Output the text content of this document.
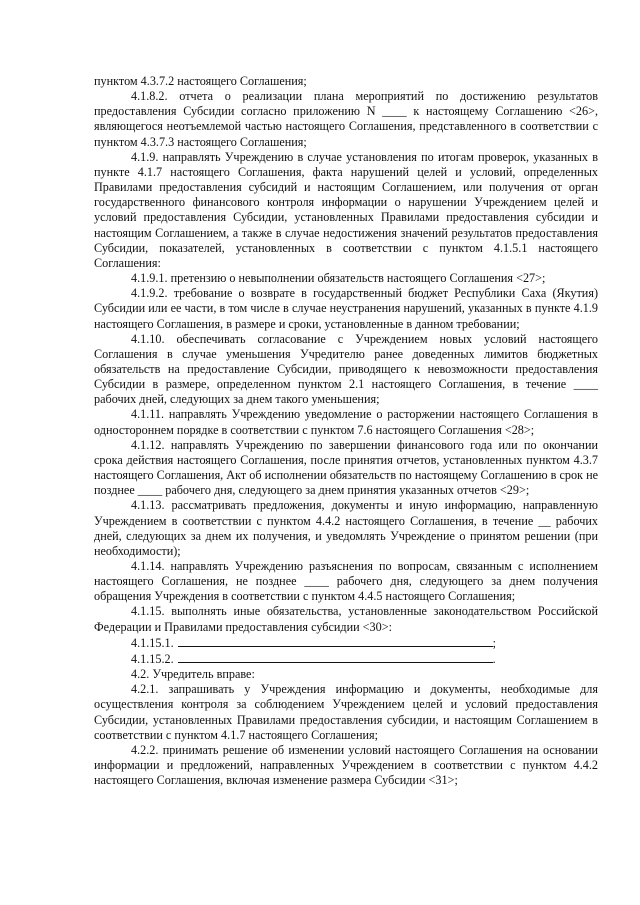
пунктом 4.3.7.2 настоящего Соглашения;

4.1.8.2. отчета о реализации плана мероприятий по достижению результатов предоставления Субсидии согласно приложению N ____ к настоящему Соглашению <26>, являющегося неотъемлемой частью настоящего Соглашения, представленного в соответствии с пунктом 4.3.7.3 настоящего Соглашения;

4.1.9. направлять Учреждению в случае установления по итогам проверок, указанных в пункте 4.1.7 настоящего Соглашения, факта нарушений целей и условий, определенных Правилами предоставления субсидий и настоящим Соглашением, или получения от орган государственного финансового контроля информации о нарушении Учреждением целей и условий предоставления Субсидии, установленных Правилами предоставления субсидии и настоящим Соглашением, а также в случае недостижения значений результатов предоставления Субсидии, показателей, установленных в соответствии с пунктом 4.1.5.1 настоящего Соглашения:

4.1.9.1. претензию о невыполнении обязательств настоящего Соглашения <27>;

4.1.9.2. требование о возврате в государственный бюджет Республики Саха (Якутия) Субсидии или ее части, в том числе в случае неустранения нарушений, указанных в пункте 4.1.9 настоящего Соглашения, в размере и сроки, установленные в данном требовании;

4.1.10. обеспечивать согласование с Учреждением новых условий настоящего Соглашения в случае уменьшения Учредителю ранее доведенных лимитов бюджетных обязательств на предоставление Субсидии, приводящего к невозможности предоставления Субсидии в размере, определенном пунктом 2.1 настоящего Соглашения, в течение ____ рабочих дней, следующих за днем такого уменьшения;

4.1.11. направлять Учреждению уведомление о расторжении настоящего Соглашения в одностороннем порядке в соответствии с пунктом 7.6 настоящего Соглашения <28>;

4.1.12. направлять Учреждению по завершении финансового года или по окончании срока действия настоящего Соглашения, после принятия отчетов, установленных пунктом 4.3.7 настоящего Соглашения, Акт об исполнении обязательств по настоящему Соглашению в срок не позднее ____ рабочего дня, следующего за днем принятия указанных отчетов <29>;

4.1.13. рассматривать предложения, документы и иную информацию, направленную Учреждением в соответствии с пунктом 4.4.2 настоящего Соглашения, в течение __ рабочих дней, следующих за днем их получения, и уведомлять Учреждение о принятом решении (при необходимости);

4.1.14. направлять Учреждению разъяснения по вопросам, связанным с исполнением настоящего Соглашения, не позднее ____ рабочего дня, следующего за днем получения обращения Учреждения в соответствии с пунктом 4.4.5 настоящего Соглашения;

4.1.15. выполнять иные обязательства, установленные законодательством Российской Федерации и Правилами предоставления субсидии <30>:

4.1.15.1.	;

4.1.15.2.	.

4.2. Учредитель вправе:

4.2.1. запрашивать у Учреждения информацию и документы, необходимые для осуществления контроля за соблюдением Учреждением целей и условий предоставления Субсидии, установленных Правилами предоставления субсидии, и настоящим Соглашением в соответствии с пунктом 4.1.7 настоящего Соглашения;

4.2.2. принимать решение об изменении условий настоящего Соглашения на основании информации и предложений, направленных Учреждением в соответствии с пунктом 4.4.2 настоящего Соглашения, включая изменение размера Субсидии <31>;
